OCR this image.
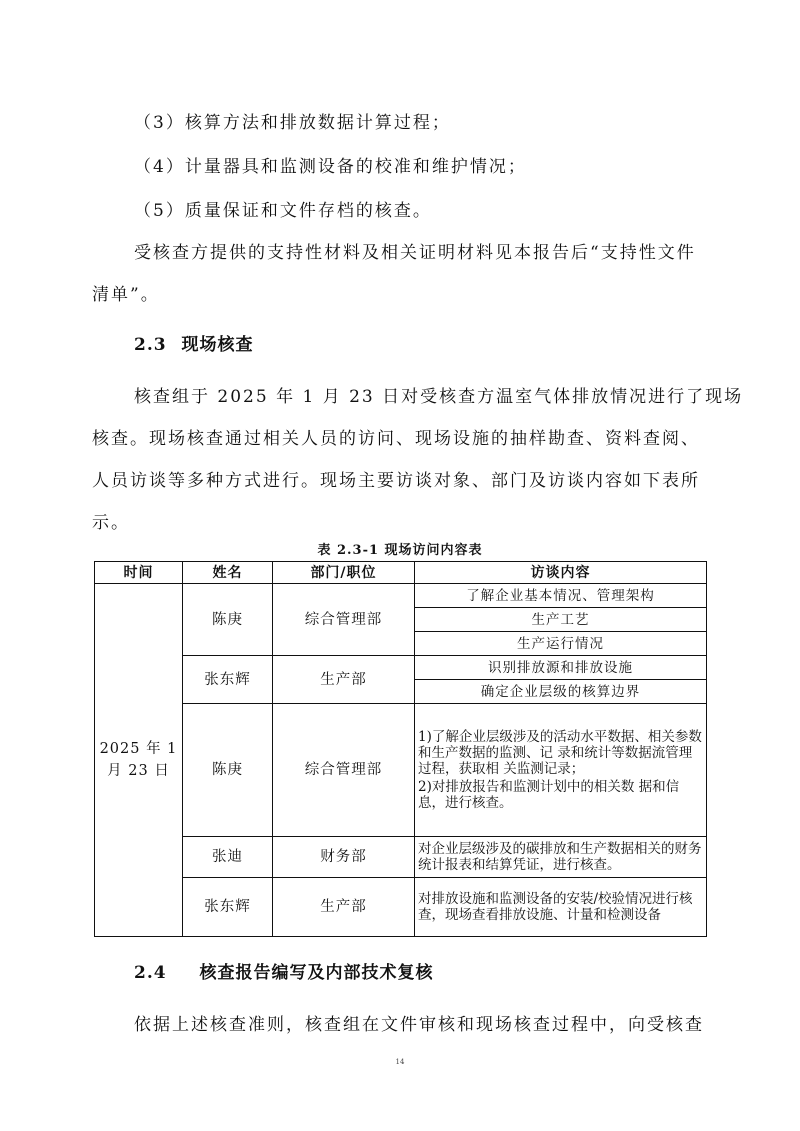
（3）核算方法和排放数据计算过程；
（4）计量器具和监测设备的校准和维护情况；
（5）质量保证和文件存档的核查。
受核查方提供的支持性材料及相关证明材料见本报告后“支持性文件
清单”。
2.3 现场核查
核查组于 2025 年 1 月 23 日对受核查方温室气体排放情况进行了现场
核查。现场核查通过相关人员的访问、现场设施的抽样勘查、资料查阅、
人员访谈等多种方式进行。现场主要访谈对象、部门及访谈内容如下表所
示。
表 2.3-1 现场访问内容表
时间	姓名	部门/职位	访谈内容
2025 年 1 月 23 日	陈庚	综合管理部	了解企业基本情况、管理架构
			生产工艺
			生产运行情况
	张东辉	生产部	识别排放源和排放设施
			确定企业层级的核算边界
	陈庚	综合管理部	1)了解企业层级涉及的活动水平数据、相关参数和生产数据的监测、记 录和统计等数据流管理过程，获取相 关监测记录；
2)对排放报告和监测计划中的相关数 据和信息，进行核查。

	张迪	财务部	对企业层级涉及的碳排放和生产数据相关的财务统计报表和结算凭证，进行核查。
	张东辉	生产部	对排放设施和监测设备的安装/校验情况进行核查，现场查看排放设施、计量和检测设备
2.4 核查报告编写及内部技术复核
依据上述核查准则，核查组在文件审核和现场核查过程中，向受核查
14
